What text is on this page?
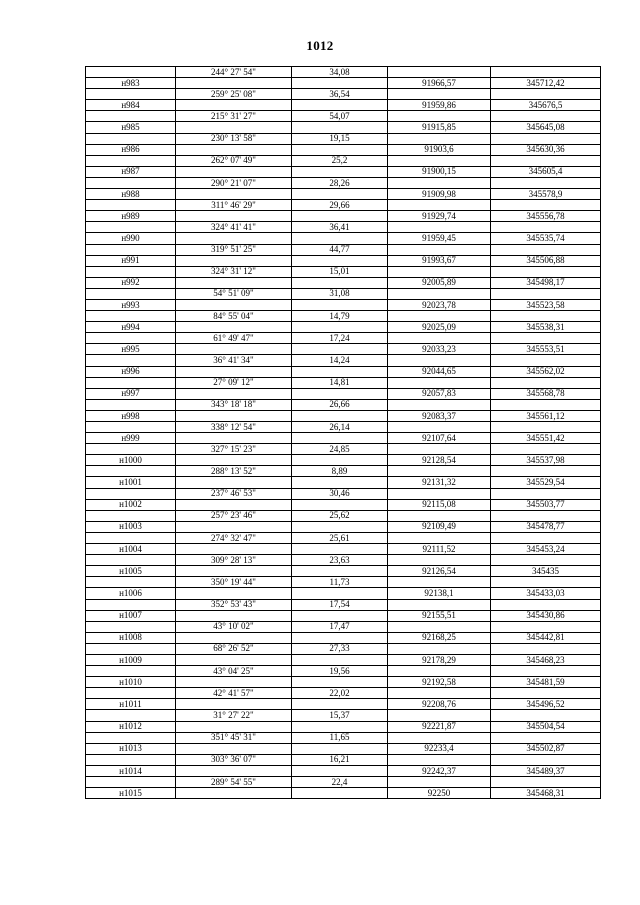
1012
	244° 27' 54"	34,08		
н983			91966,57	345712,42
	259° 25' 08"	36,54		
н984			91959,86	345676,5
	215° 31' 27"	54,07		
н985			91915,85	345645,08
	230° 13' 58"	19,15		
н986			91903,6	345630,36
	262° 07' 49"	25,2		
н987			91900,15	345605,4
	290° 21' 07"	28,26		
н988			91909,98	345578,9
	311° 46' 29"	29,66		
н989			91929,74	345556,78
	324° 41' 41"	36,41		
н990			91959,45	345535,74
	319° 51' 25"	44,77		
н991			91993,67	345506,88
	324° 31' 12"	15,01		
н992			92005,89	345498,17
	54° 51' 09"	31,08		
н993			92023,78	345523,58
	84° 55' 04"	14,79		
н994			92025,09	345538,31
	61° 49' 47"	17,24		
н995			92033,23	345553,51
	36° 41' 34"	14,24		
н996			92044,65	345562,02
	27° 09' 12"	14,81		
н997			92057,83	345568,78
	343° 18' 18"	26,66		
н998			92083,37	345561,12
	338° 12' 54"	26,14		
н999			92107,64	345551,42
	327° 15' 23"	24,85		
н1000			92128,54	345537,98
	288° 13' 52"	8,89		
н1001			92131,32	345529,54
	237° 46' 53"	30,46		
н1002			92115,08	345503,77
	257° 23' 46"	25,62		
н1003			92109,49	345478,77
	274° 32' 47"	25,61		
н1004			92111,52	345453,24
	309° 28' 13"	23,63		
н1005			92126,54	345435
	350° 19' 44"	11,73		
н1006			92138,1	345433,03
	352° 53' 43"	17,54		
н1007			92155,51	345430,86
	43° 10' 02"	17,47		
н1008			92168,25	345442,81
	68° 26' 52"	27,33		
н1009			92178,29	345468,23
	43° 04' 25"	19,56		
н1010			92192,58	345481,59
	42° 41' 57"	22,02		
н1011			92208,76	345496,52
	31° 27' 22"	15,37		
н1012			92221,87	345504,54
	351° 45' 31"	11,65		
н1013			92233,4	345502,87
	303° 36' 07"	16,21		
н1014			92242,37	345489,37
	289° 54' 55"	22,4		
н1015			92250	345468,31
